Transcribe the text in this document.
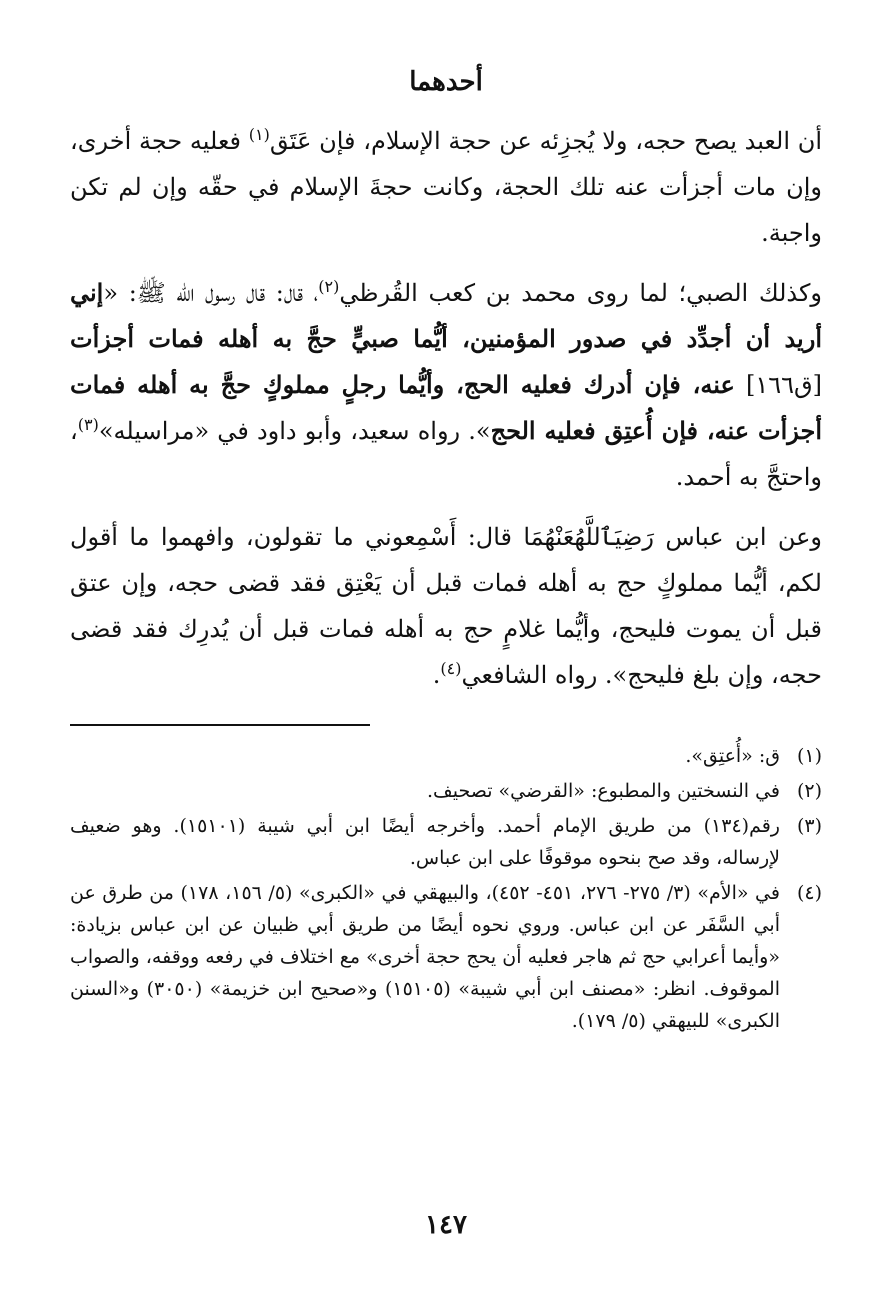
أحدهما

أن العبد يصح حجه، ولا يُجزِئه عن حجة الإسلام، فإن عَتَق$^{(١)}$ فعليه حجة أخرى، وإن مات أجزأت عنه تلك الحجة، وكانت حجةَ الإسلام في حقّه وإن لم تكن واجبة.

وكذلك الصبي؛ لما روى محمد بن كعب القُرظي$^{(٢)}$، قال: قال رسول الله ﷺ: «إني أريد أن أجدِّد في صدور المؤمنين، أيُّما صبيٍّ حجَّ به أهله فمات أجزأت [ق١٦٦] عنه، فإن أدرك فعليه الحج، وأيُّما رجلٍ مملوكٍ حجَّ به أهله فمات أجزأت عنه، فإن أُعتِق فعليه الحج». رواه سعيد، وأبو داود في «مراسيله»$^{(٣)}$، واحتجَّ به أحمد.

وعن ابن عباس رَضِيَٱللَّهُعَنْهُمَا قال: أَسْمِعوني ما تقولون، وافهموا ما أقول لكم، أيُّما مملوكٍ حج به أهله فمات قبل أن يَعْتِق فقد قضى حجه، وإن عتق قبل أن يموت فليحج، وأيُّما غلامٍ حج به أهله فمات قبل أن يُدرِك فقد قضى حجه، وإن بلغ فليحج». رواه الشافعي$^{(٤)}$.

(١)
ق: «أُعتِق».
(٢)
في النسختين والمطبوع: «القرضي» تصحيف.
(٣)
رقم(١٣٤) من طريق الإمام أحمد. وأخرجه أيضًا ابن أبي شيبة (١٥١٠١). وهو ضعيف لإرساله، وقد صح بنحوه موقوفًا على ابن عباس.
(٤)
في «الأم» (٣/ ٢٧٥- ٢٧٦، ٤٥١- ٤٥٢)، والبيهقي في «الكبرى» (٥/ ١٥٦، ١٧٨) من طرق عن أبي السَّفَر عن ابن عباس. وروي نحوه أيضًا من طريق أبي ظبيان عن ابن عباس بزيادة: «وأيما أعرابي حج ثم هاجر فعليه أن يحج حجة أخرى» مع اختلاف في رفعه ووقفه، والصواب الموقوف. انظر: «مصنف ابن أبي شيبة» (١٥١٠٥) و«صحيح ابن خزيمة» (٣٠٥٠) و«السنن الكبرى» للبيهقي (٥/ ١٧٩).
١٤٧
